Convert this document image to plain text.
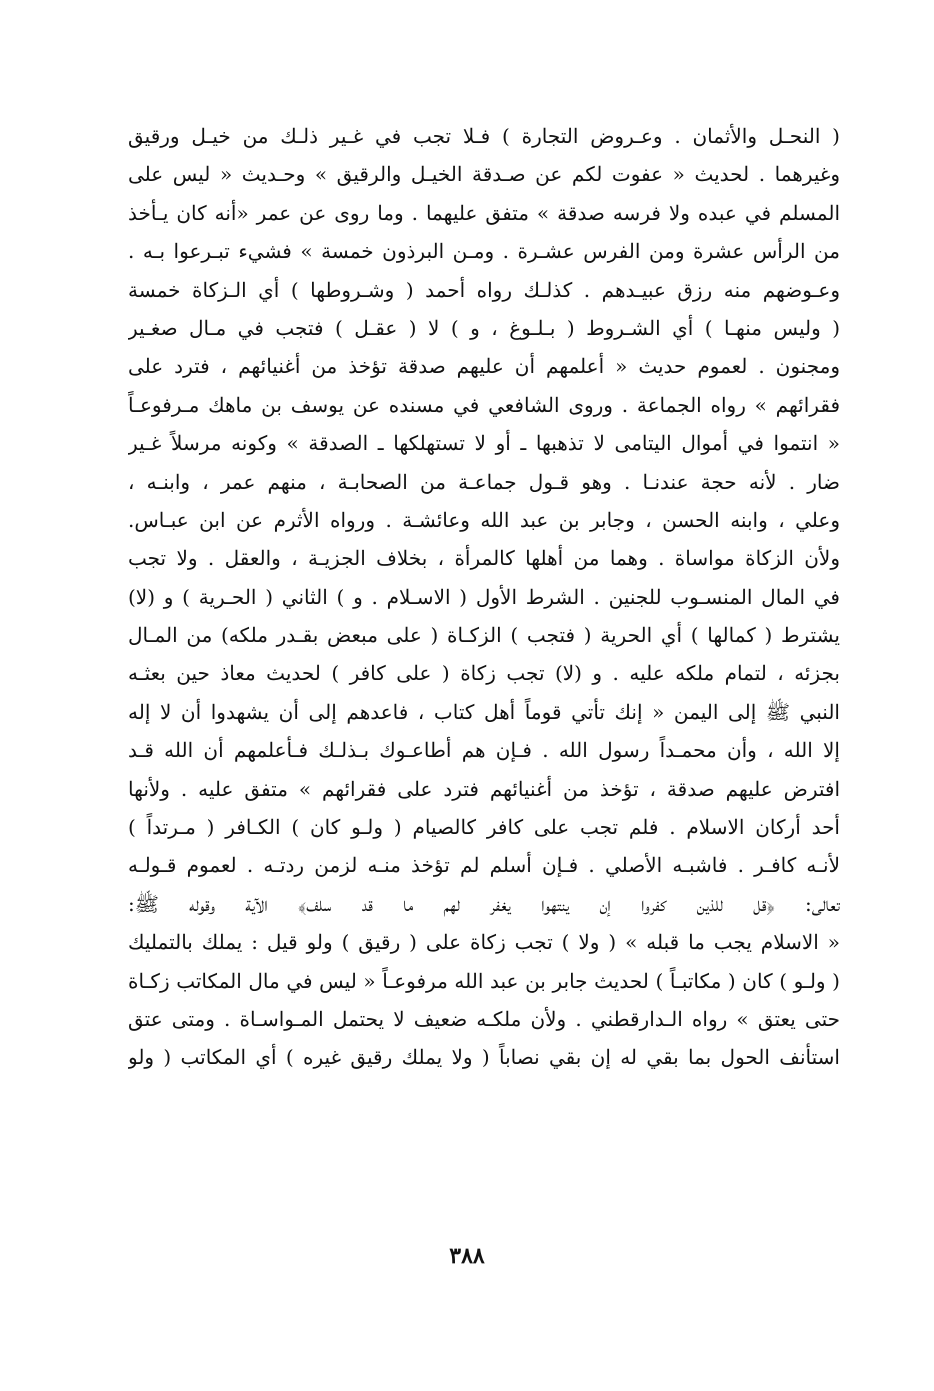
( النحـل والأثمان . وعـروض التجارة ) فـلا تجب في غـير ذلـك من خيـل ورقيق
وغيرهما . لحديث « عفوت لكم عن صـدقة الخيـل والرقيق » وحـديث « ليس على
المسلم في عبده ولا فرسه صدقة » متفق عليهما . وما روى عن عمر «أنه كان يـأخذ
من الرأس عشرة ومن الفرس عشـرة . ومـن البرذون خمسة » فشيء تبـرعوا بـه .
وعـوضهم منه رزق عبيـدهم . كذلـك رواه أحمد ( وشـروطها ) أي الـزكاة خمسة
( وليس منهـا ) أي الشـروط ( بـلـوغ ، و ) لا ( عقـل ) فتجب في مـال صغـير
ومجنون . لعموم حديث « أعلمهم أن عليهم صدقة تؤخذ من أغنيائهم ، فترد على
فقرائهم » رواه الجماعة . وروى الشافعي في مسنده عن يوسف بن ماهك مـرفوعـاً
« انتموا في أموال اليتامى لا تذهبها ـ أو لا تستهلكها ـ الصدقة » وكونه مرسلاً غـير
ضار . لأنه حجة عندنـا . وهو قـول جماعـة من الصحابـة ، منهم عمر ، وابنـه ،
وعلي ، وابنه الحسن ، وجابر بن عبد الله وعائشـة . ورواه الأثرم عن ابن عبـاس.
ولأن الزكاة مواساة . وهما من أهلها كالمرأة ، بخلاف الجزيـة ، والعقل . ولا تجب
في المال المنسـوب للجنين . الشرط الأول ( الاسـلام . و ) الثاني ( الحـرية ) و (لا)
يشترط ( كمالها ) أي الحرية ( فتجب ) الزكـاة ( على مبعض بقـدر ملكه) من المـال
بجزئه ، لتمام ملكه عليه . و (لا) تجب زكاة ( على كافر ) لحديث معاذ حين بعثـه
النبي ﷺ إلى اليمن « إنك تأتي قوماً أهل كتاب ، فاعدهم إلى أن يشهدوا أن لا إله
إلا الله ، وأن محمـداً رسول الله . فـإن هم أطاعـوك بـذلـك فـأعلمهم أن الله قـد
افترض عليهم صدقة ، تؤخذ من أغنيائهم فترد على فقرائهم » متفق عليه . ولأنها
أحد أركان الاسلام . فلم تجب على كافر كالصيام ( ولـو كان ) الكـافر ( مـرتداً )
لأنـه كافـر . فاشبـه الأصلي . فـإن أسلم لم تؤخذ منـه لزمن ردتـه . لعموم قـولـه
تعالى: ﴿قل للذين كفروا إن ينتهوا يغفر لهم ما قد سلف﴾ الآية وقوله ﷺ:
« الاسلام يجب ما قبله » ( ولا ) تجب زكاة على ( رقيق ) ولو قيل : يملك بالتمليك
( ولـو ) كان ( مكاتبـاً ) لحديث جابر بن عبد الله مرفوعـاً « ليس في مال المكاتب زكـاة
حتى يعتق » رواه الـدارقطني . ولأن ملكـه ضعيف لا يحتمل المـواسـاة . ومتى عتق
استأنف الحول بما بقي له إن بقي نصاباً ( ولا يملك رقيق غيره ) أي المكاتب ( ولو
٣٨٨
